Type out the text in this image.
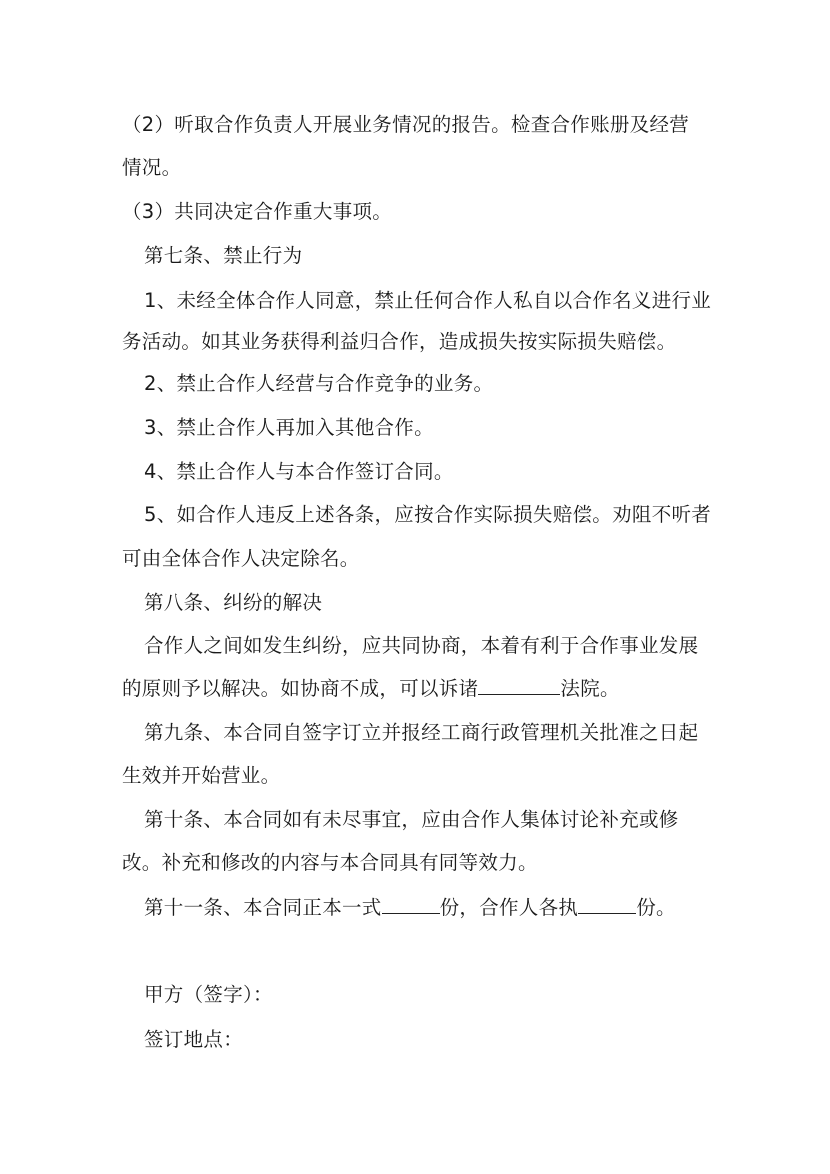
（2）听取合作负责人开展业务情况的报告。检查合作账册及经营
情况。
（3）共同决定合作重大事项。
第七条、禁止行为
1、未经全体合作人同意，禁止任何合作人私自以合作名义进行业
务活动。如其业务获得利益归合作，造成损失按实际损失赔偿。
2、禁止合作人经营与合作竞争的业务。
3、禁止合作人再加入其他合作。
4、禁止合作人与本合作签订合同。
5、如合作人违反上述各条，应按合作实际损失赔偿。劝阻不听者
可由全体合作人决定除名。
第八条、纠纷的解决
合作人之间如发生纠纷，应共同协商，本着有利于合作事业发展
的原则予以解决。如协商不成，可以诉诸	法院。
第九条、本合同自签字订立并报经工商行政管理机关批准之日起
生效并开始营业。
第十条、本合同如有未尽事宜，应由合作人集体讨论补充或修
改。补充和修改的内容与本合同具有同等效力。
第十一条、本合同正本一式	份，合作人各执	份。
甲方（签字）：
签订地点：
